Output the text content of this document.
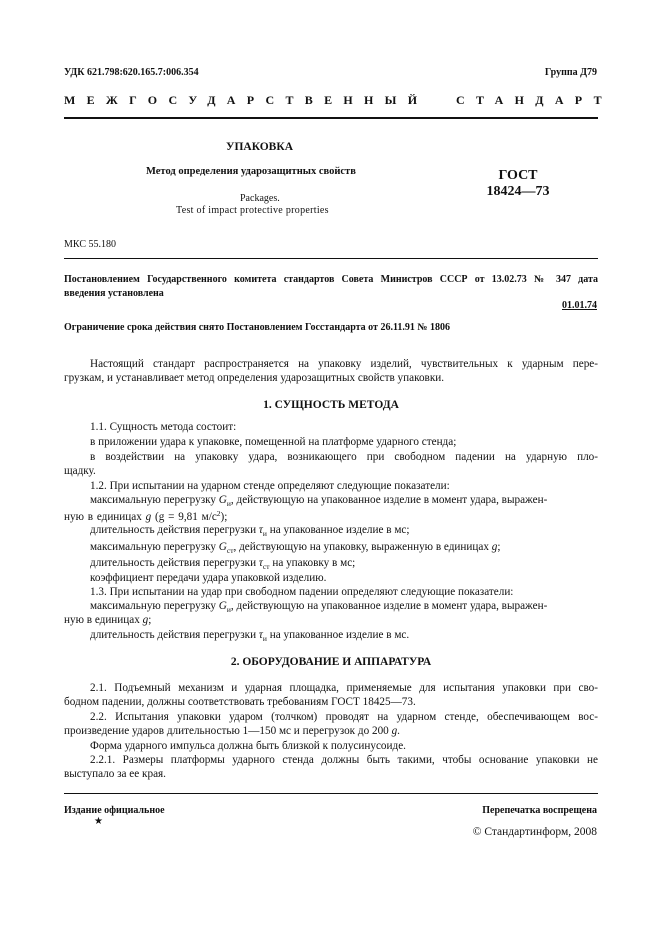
УДК 621.798:620.165.7:006.354	Группа Д79
МЕЖГОСУДАРСТВЕННЫЙ СТАНДАРТ
УПАКОВКА
Метод определения ударозащитных свойств
Packages.
Test of impact protective properties
ГОСТ
18424—73
МКС 55.180
Постановлением Государственного комитета стандартов Совета Министров СССР от 13.02.73 № 347 дата
введения установлена
01.01.74
Ограничение срока действия снято Постановлением Госстандарта от 26.11.91 № 1806
Настоящий стандарт распространяется на упаковку изделий, чувствительных к ударным пере-
грузкам, и устанавливает метод определения ударозащитных свойств упаковки.
1. СУЩНОСТЬ МЕТОДА
1.1. Сущность метода состоит:
в приложении удара к упаковке, помещенной на платформе ударного стенда;
в воздействии на упаковку удара, возникающего при свободном падении на ударную пло-
щадку.
1.2. При испытании на ударном стенде определяют следующие показатели:
максимальную перегрузку $G_и$, действующую на упакованное изделие в момент удара, выражен-
ную в единицах g (g = 9,81 $м/с^2$);
длительность действия перегрузки $\tau_и$ на упакованное изделие в мс;
максимальную перегрузку $G_{ст}$, действующую на упаковку, выраженную в единицах g;
длительность действия перегрузки $\tau_{ст}$ на упаковку в мс;
коэффициент передачи удара упаковкой изделию.
1.3. При испытании на удар при свободном падении определяют следующие показатели:
максимальную перегрузку $G_и$, действующую на упакованное изделие в момент удара, выражен-
ную в единицах g;
длительность действия перегрузки $\tau_и$ на упакованное изделие в мс.
2. ОБОРУДОВАНИЕ И АППАРАТУРА
2.1. Подъемный механизм и ударная площадка, применяемые для испытания упаковки при сво-
бодном падении, должны соответствовать требованиям ГОСТ 18425—73.
2.2. Испытания упаковки ударом (толчком) проводят на ударном стенде, обеспечивающем вос-
произведение ударов длительностью 1—150 мс и перегрузок до 200 g.
Форма ударного импульса должна быть близкой к полусинусоиде.
2.2.1. Размеры платформы ударного стенда должны быть такими, чтобы основание упаковки не
выступало за ее края.
Издание официальное
★
Перепечатка воспрещена
© Стандартинформ, 2008
